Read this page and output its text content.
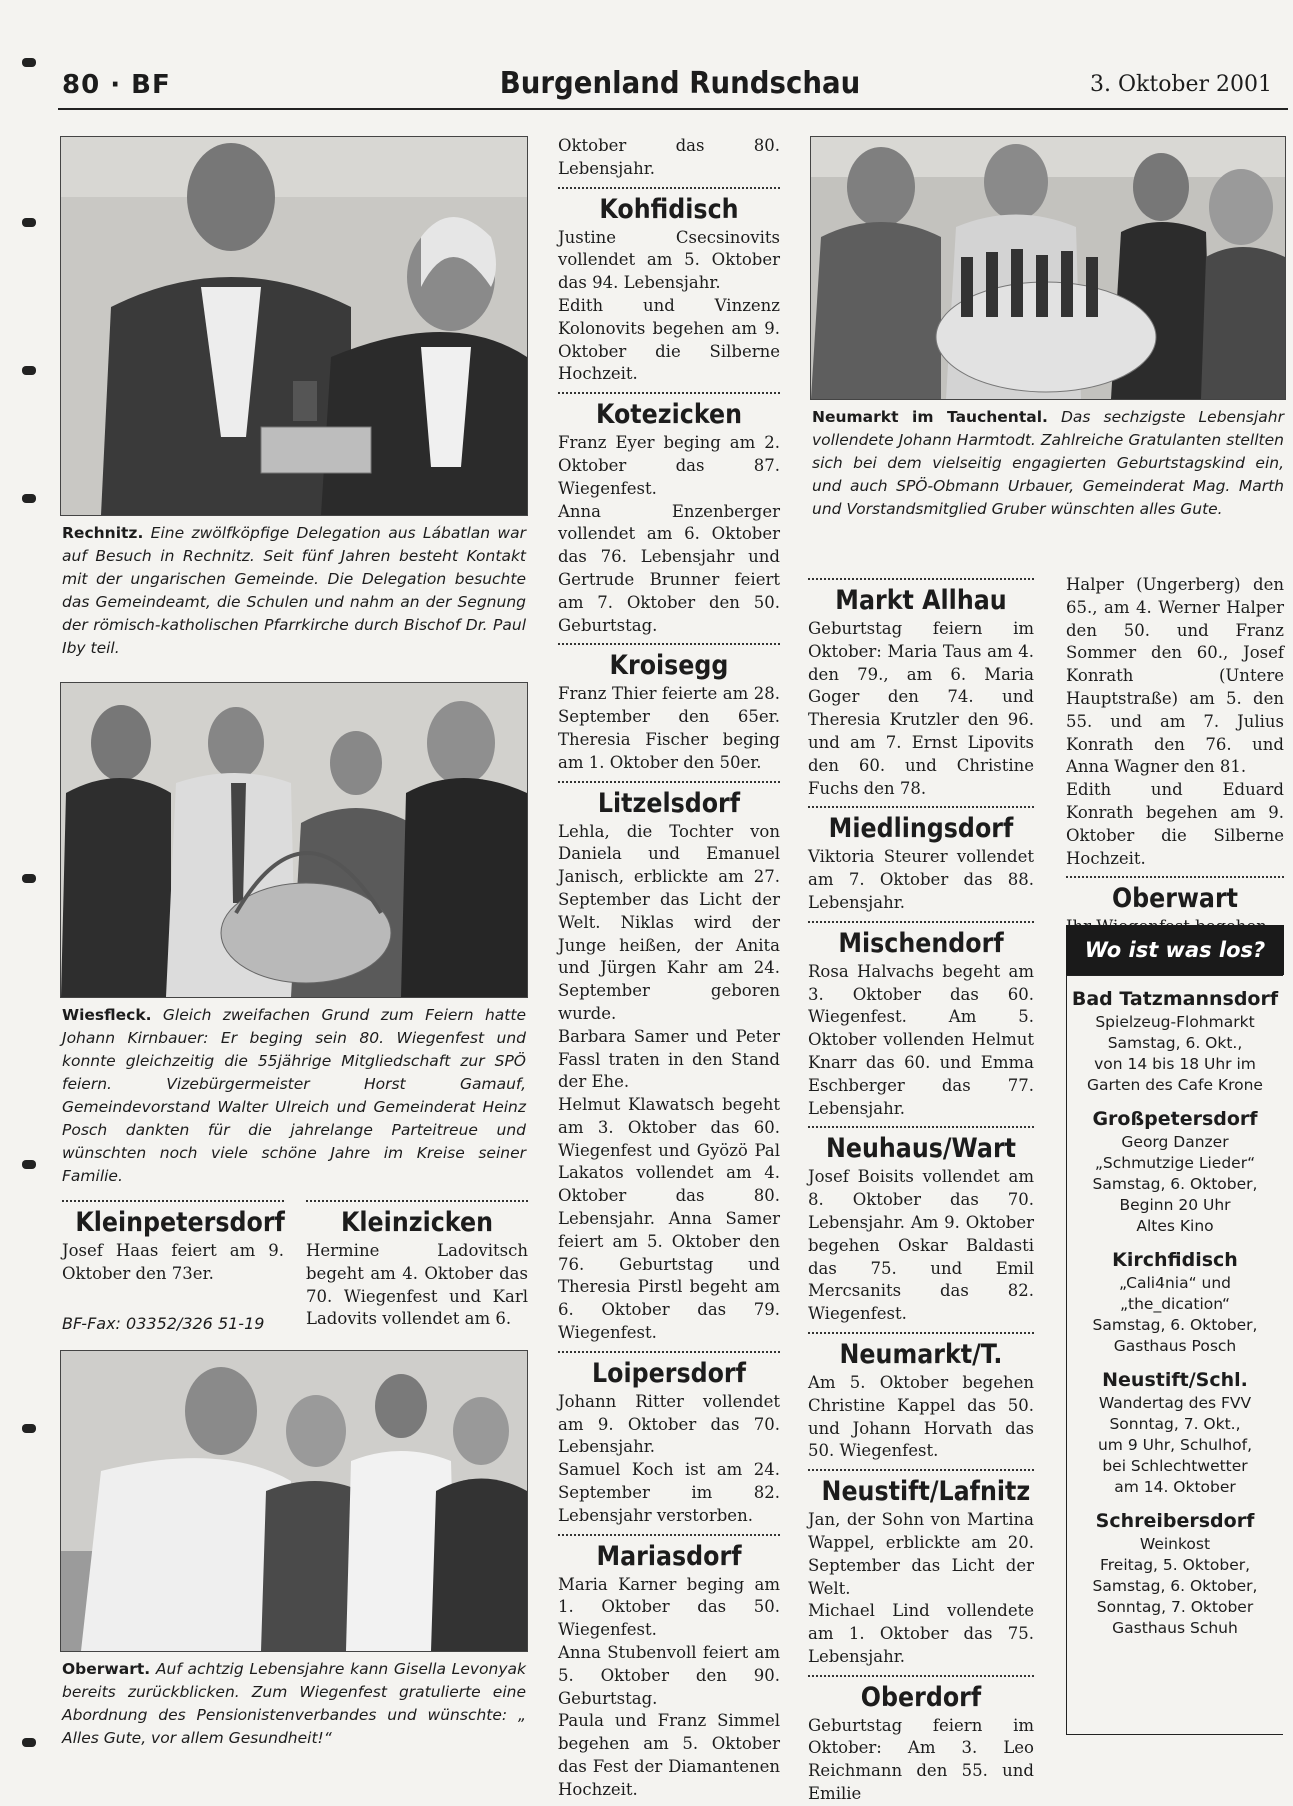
80 · BF	Burgenland Rundschau	3. Oktober 2001
Rechnitz. Eine zwölfköpfige Delegation aus Lábatlan war auf Besuch in Rechnitz. Seit fünf Jahren besteht Kontakt mit der ungarischen Gemeinde. Die Delegation besuchte das Gemeindeamt, die Schulen und nahm an der Segnung der römisch-katholischen Pfarrkirche durch Bischof Dr. Paul Iby teil.
Wiesfleck. Gleich zweifachen Grund zum Feiern hatte Johann Kirnbauer: Er beging sein 80. Wiegenfest und konnte gleichzeitig die 55jährige Mitgliedschaft zur SPÖ feiern. Vizebürgermeister Horst Gamauf, Gemeindevorstand Walter Ulreich und Gemeinderat Heinz Posch dankten für die jahrelange Parteitreue und wünschten noch viele schöne Jahre im Kreise seiner Familie.
Kleinpetersdorf

Josef Haas feiert am 9. Oktober den 73er.

Kleinzicken

Hermine Ladovitsch begeht am 4. Oktober das 70. Wiegenfest und Karl Ladovits vollendet am 6.

BF-Fax: 03352/326 51-19
Oberwart. Auf achtzig Lebensjahre kann Gisella Levonyak bereits zurückblicken. Zum Wiegenfest gratulierte eine Abordnung des Pensionistenverbandes und wünschte: „ Alles Gute, vor allem Gesundheit!“

Oktober das 80. Lebensjahr.

Kohfidisch

Justine Csecsinovits vollendet am 5. Oktober das 94. Lebensjahr.
Edith und Vinzenz Kolonovits begehen am 9. Oktober die Silberne Hochzeit.

Kotezicken

Franz Eyer beging am 2. Oktober das 87. Wiegenfest.
Anna Enzenberger vollendet am 6. Oktober das 76. Lebensjahr und Gertrude Brunner feiert am 7. Oktober den 50. Geburtstag.

Kroisegg

Franz Thier feierte am 28. September den 65er. Theresia Fischer beging am 1. Oktober den 50er.

Litzelsdorf

Lehla, die Tochter von Daniela und Emanuel Janisch, erblickte am 27. September das Licht der Welt. Niklas wird der Junge heißen, der Anita und Jürgen Kahr am 24. September geboren wurde.
Barbara Samer und Peter Fassl traten in den Stand der Ehe.
Helmut Klawatsch begeht am 3. Oktober das 60. Wiegenfest und Gyözö Pal Lakatos vollendet am 4. Oktober das 80. Lebensjahr. Anna Samer feiert am 5. Oktober den 76. Geburtstag und Theresia Pirstl begeht am 6. Oktober das 79. Wiegenfest.

Loipersdorf

Johann Ritter vollendet am 9. Oktober das 70. Lebensjahr.
Samuel Koch ist am 24. September im 82. Lebensjahr verstorben.

Mariasdorf

Maria Karner beging am 1. Oktober das 50. Wiegenfest.
Anna Stubenvoll feiert am 5. Oktober den 90. Geburtstag.
Paula und Franz Simmel begehen am 5. Oktober das Fest der Diamantenen Hochzeit.

Neumarkt im Tauchental. Das sechzigste Lebensjahr vollendete Johann Harmtodt. Zahlreiche Gratulanten stellten sich bei dem vielseitig engagierten Geburtstagskind ein, und auch SPÖ-Obmann Urbauer, Gemeinderat Mag. Marth und Vorstandsmitglied Gruber wünschten alles Gute.
Markt Allhau

Geburtstag feiern im Oktober: Maria Taus am 4. den 79., am 6. Maria Goger den 74. und Theresia Krutzler den 96. und am 7. Ernst Lipovits den 60. und Christine Fuchs den 78.

Miedlingsdorf

Viktoria Steurer vollendet am 7. Oktober das 88. Lebensjahr.

Mischendorf

Rosa Halvachs begeht am 3. Oktober das 60. Wiegenfest. Am 5. Oktober vollenden Helmut Knarr das 60. und Emma Eschberger das 77. Lebensjahr.

Neuhaus/Wart

Josef Boisits vollendet am 8. Oktober das 70. Lebensjahr. Am 9. Oktober begehen Oskar Baldasti das 75. und Emil Mercsanits das 82. Wiegenfest.

Neumarkt/T.

Am 5. Oktober begehen Christine Kappel das 50. und Johann Horvath das 50. Wiegenfest.

Neustift/Lafnitz

Jan, der Sohn von Martina Wappel, erblickte am 20. September das Licht der Welt.
Michael Lind vollendete am 1. Oktober das 75. Lebensjahr.

Oberdorf

Geburtstag feiern im Oktober: Am 3. Leo Reichmann den 55. und Emilie

Halper (Ungerberg) den 65., am 4. Werner Halper den 50. und Franz Sommer den 60., Josef Konrath (Untere Hauptstraße) am 5. den 55. und am 7. Julius Konrath den 76. und Anna Wagner den 81.
Edith und Eduard Konrath begehen am 9. Oktober die Silberne Hochzeit.

Oberwart

Wo ist was los?
Bad Tatzmannsdorf
Spielzeug-Flohmarkt
Samstag, 6. Okt.,
von 14 bis 18 Uhr im
Garten des Cafe Krone
Großpetersdorf
Georg Danzer
„Schmutzige Lieder“
Samstag, 6. Oktober,
Beginn 20 Uhr
Altes Kino
Kirchfidisch
„Cali4nia“ und
„the_dication“
Samstag, 6. Oktober,
Gasthaus Posch
Neustift/Schl.
Wandertag des FVV
Sonntag, 7. Okt.,
um 9 Uhr, Schulhof,
bei Schlechtwetter
am 14. Oktober
Schreibersdorf
Weinkost
Freitag, 5. Oktober,
Samstag, 6. Oktober,
Sonntag, 7. Oktober
Gasthaus Schuh
